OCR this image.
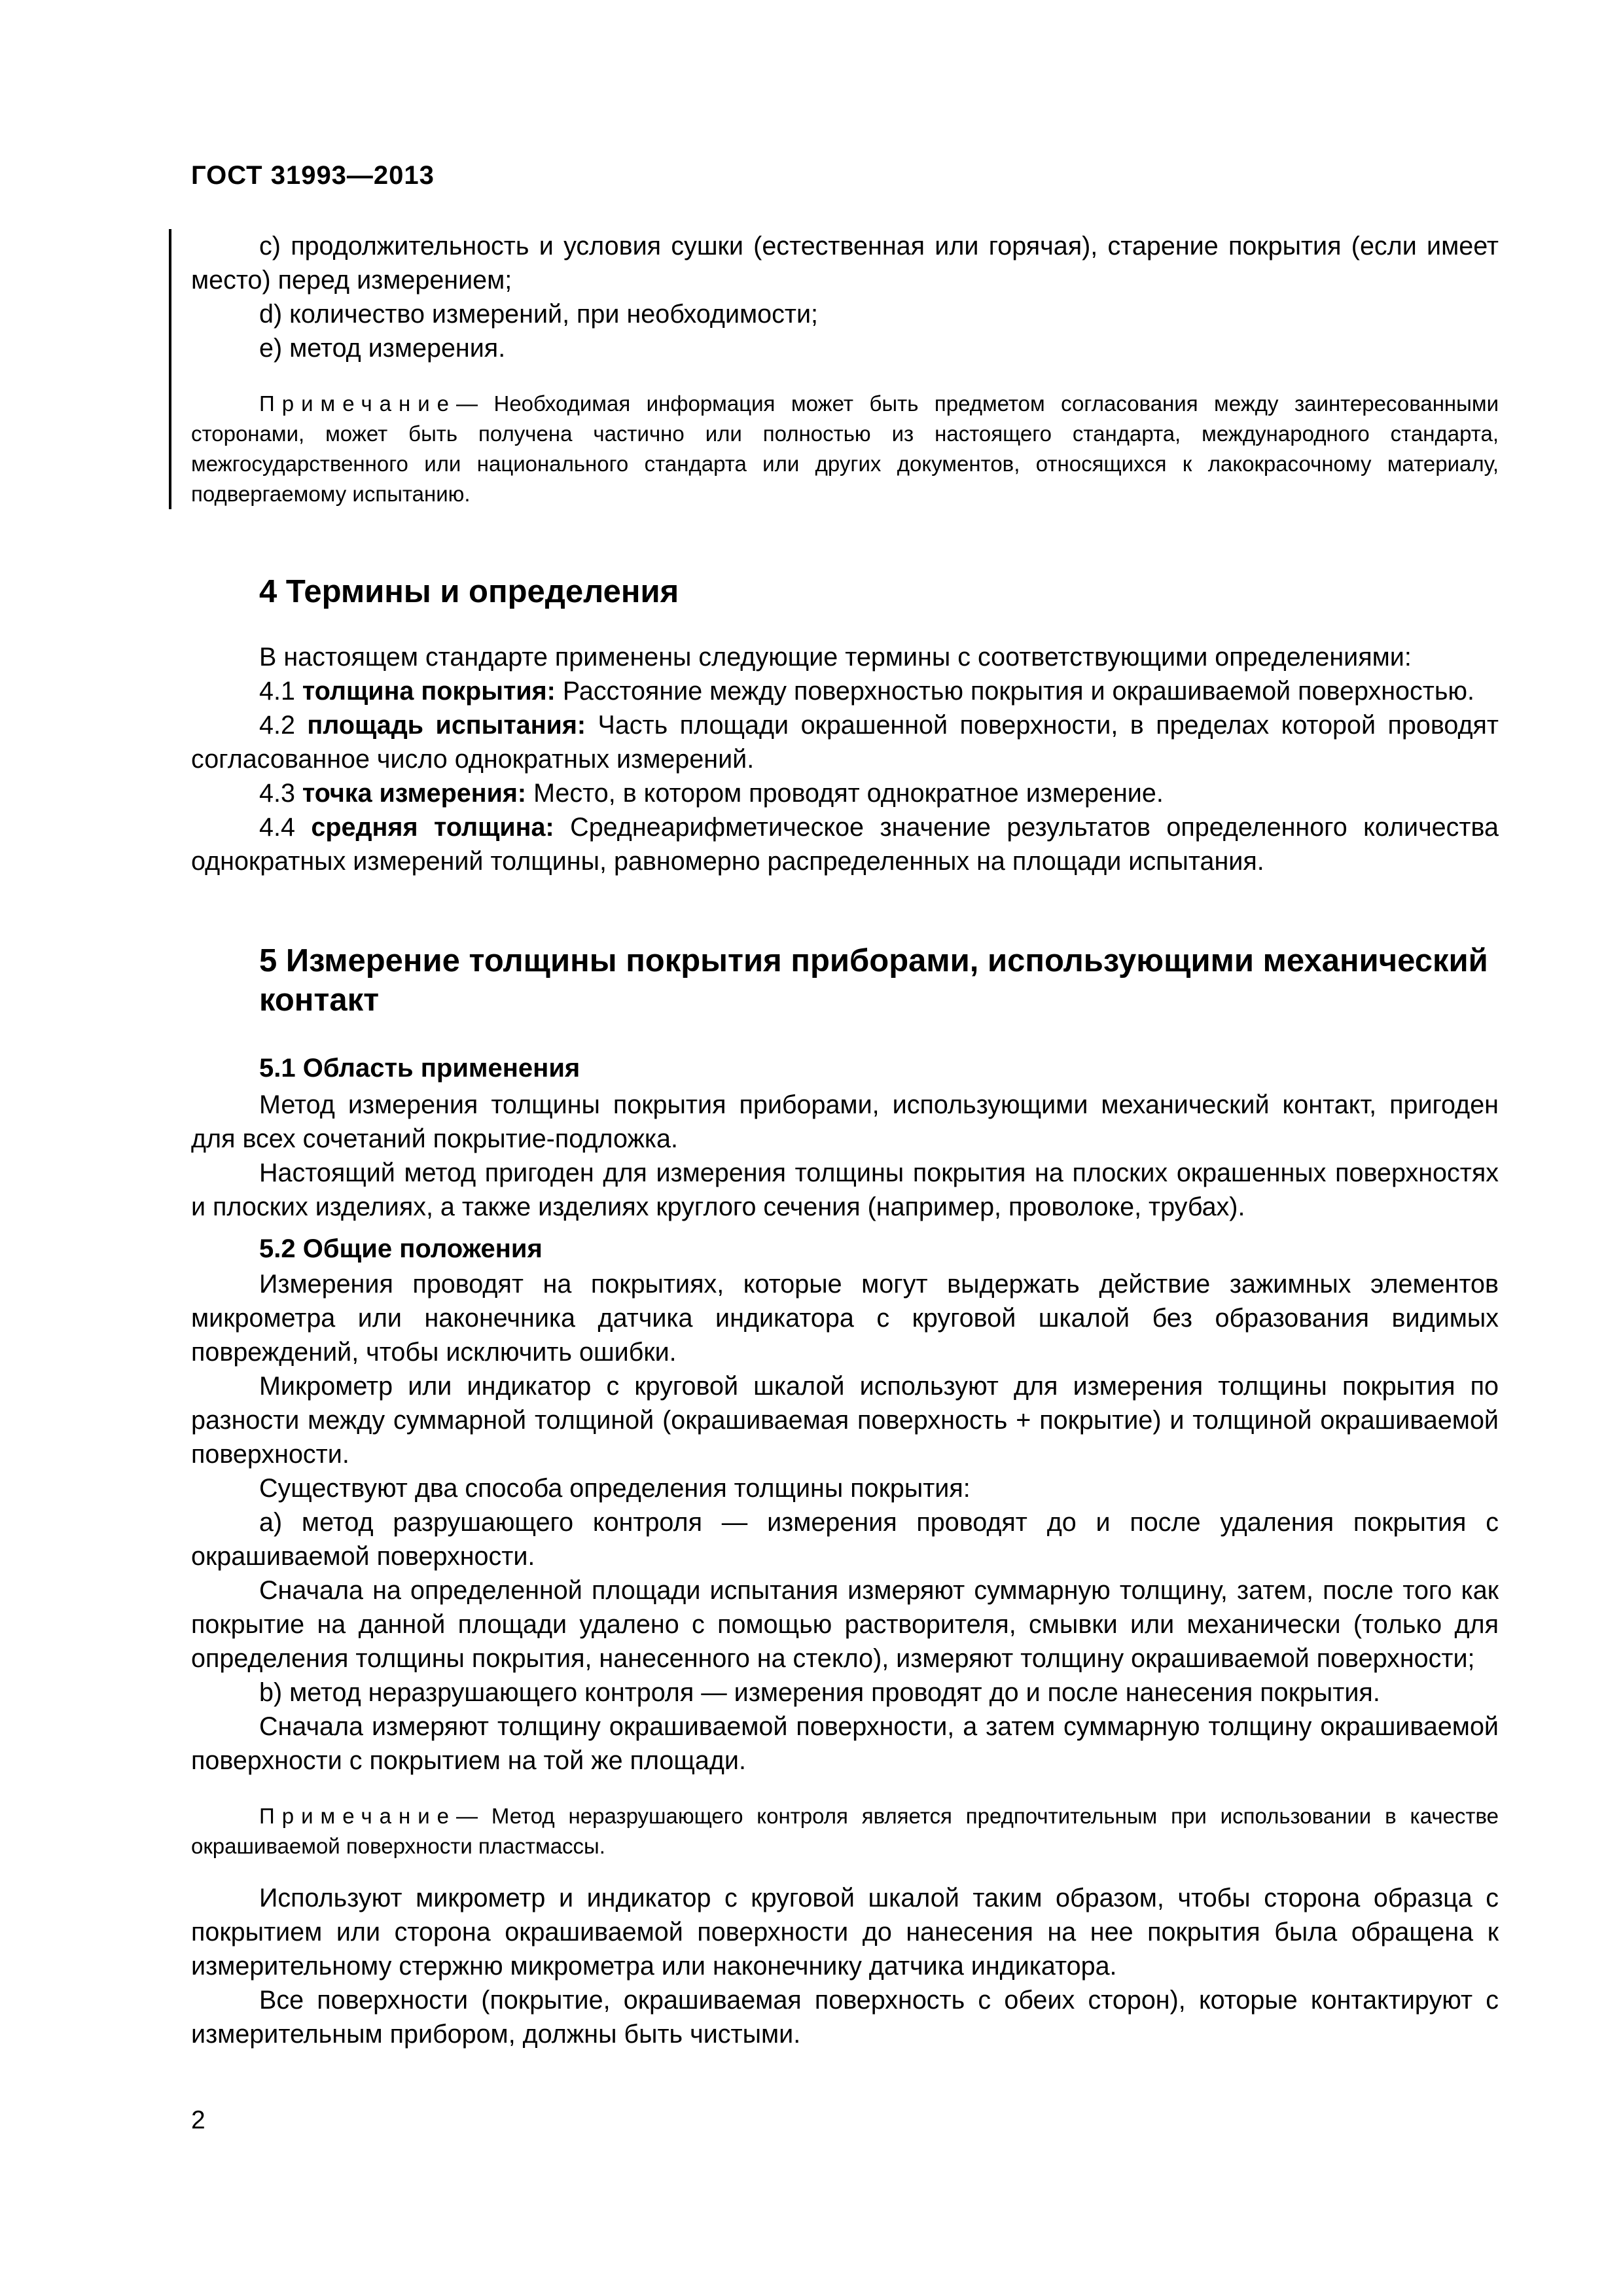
ГОСТ 31993—2013

c) продолжительность и условия сушки (естественная или горячая), старение покрытия (если имеет место) перед измерением;

d) количество измерений, при необходимости;

e) метод измерения.

Примечание— Необходимая информация может быть предметом согласования между заинтересованными сторонами, может быть получена частично или полностью из настоящего стандарта, международного стандарта, межгосударственного или национального стандарта или других документов, относящихся к лакокрасочному материалу, подвергаемому испытанию.

4 Термины и определения

В настоящем стандарте применены следующие термины с соответствующими определениями:

4.1 толщина покрытия: Расстояние между поверхностью покрытия и окрашиваемой поверхностью.

4.2 площадь испытания: Часть площади окрашенной поверхности, в пределах которой проводят согласованное число однократных измерений.

4.3 точка измерения: Место, в котором проводят однократное измерение.

4.4 средняя толщина: Среднеарифметическое значение результатов определенного количества однократных измерений толщины, равномерно распределенных на площади испытания.

5 Измерение толщины покрытия приборами, использующими механический контакт
5.1 Область применения

Метод измерения толщины покрытия приборами, использующими механический контакт, пригоден для всех сочетаний покрытие-подложка.

Настоящий метод пригоден для измерения толщины покрытия на плоских окрашенных поверхностях и плоских изделиях, а также изделиях круглого сечения (например, проволоке, трубах).

5.2 Общие положения

Измерения проводят на покрытиях, которые могут выдержать действие зажимных элементов микрометра или наконечника датчика индикатора с круговой шкалой без образования видимых повреждений, чтобы исключить ошибки.

Микрометр или индикатор с круговой шкалой используют для измерения толщины покрытия по разности между суммарной толщиной (окрашиваемая поверхность + покрытие) и толщиной окрашиваемой поверхности.

Существуют два способа определения толщины покрытия:

a) метод разрушающего контроля — измерения проводят до и после удаления покрытия с окрашиваемой поверхности.

Сначала на определенной площади испытания измеряют суммарную толщину, затем, после того как покрытие на данной площади удалено с помощью растворителя, смывки или механически (только для определения толщины покрытия, нанесенного на стекло), измеряют толщину окрашиваемой поверхности;

b) метод неразрушающего контроля — измерения проводят до и после нанесения покрытия.

Сначала измеряют толщину окрашиваемой поверхности, а затем суммарную толщину окрашиваемой поверхности с покрытием на той же площади.

Примечание— Метод неразрушающего контроля является предпочтительным при использовании в качестве окрашиваемой поверхности пластмассы.

Используют микрометр и индикатор с круговой шкалой таким образом, чтобы сторона образца с покрытием или сторона окрашиваемой поверхности до нанесения на нее покрытия была обращена к измерительному стержню микрометра или наконечнику датчика индикатора.

Все поверхности (покрытие, окрашиваемая поверхность с обеих сторон), которые контактируют с измерительным прибором, должны быть чистыми.

2
